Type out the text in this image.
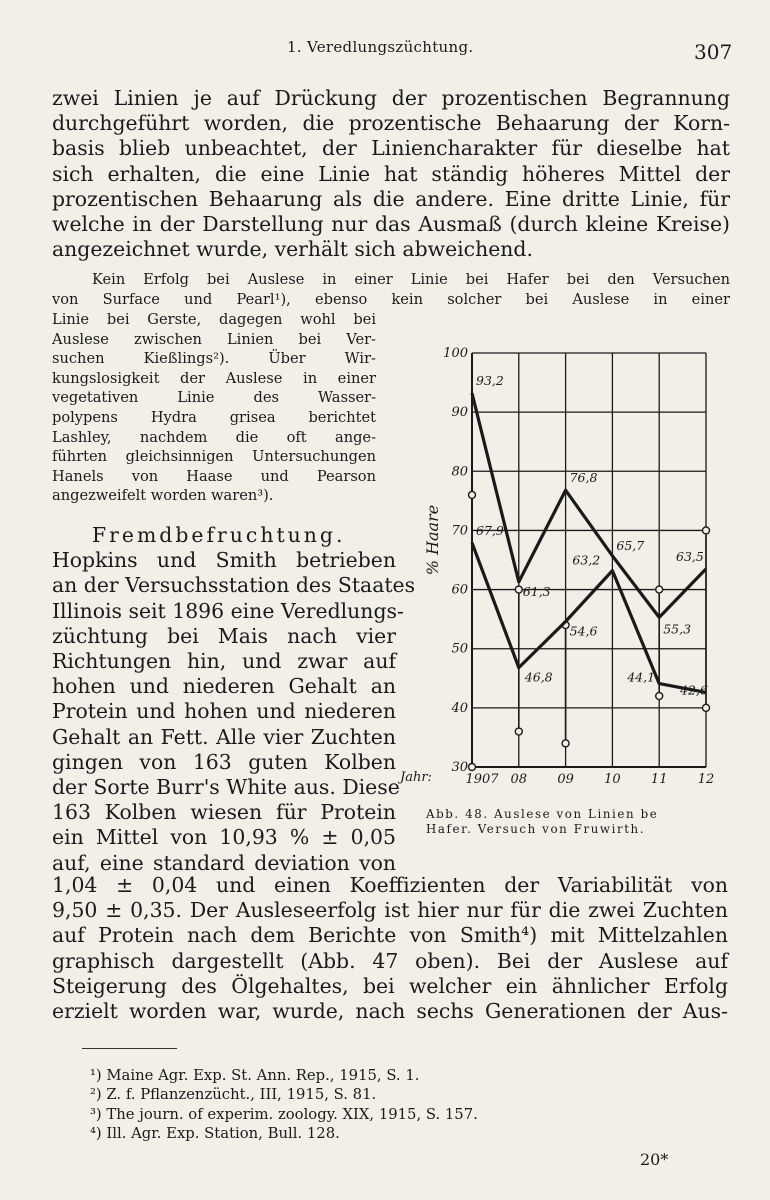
1. Veredlungszüchtung.	307
zwei Linien je auf Drückung der prozentischen Begrannung
durchgeführt worden, die prozentische Behaarung der Korn-
basis blieb unbeachtet, der Liniencharakter für dieselbe hat
sich erhalten, die eine Linie hat ständig höheres Mittel der
prozentischen Behaarung als die andere. Eine dritte Linie, für
welche in der Darstellung nur das Ausmaß (durch kleine Kreise)
angezeichnet wurde, verhält sich abweichend.
Kein Erfolg bei Auslese in einer Linie bei Hafer bei den Versuchen
von Surface und Pearl¹), ebenso kein solcher bei Auslese in einer
Linie bei Gerste, dagegen wohl bei
Auslese zwischen Linien bei Ver-
suchen Kießlings²). Über Wir-
kungslosigkeit der Auslese in einer
vegetativen Linie des Wasser-
polypens Hydra grisea berichtet
Lashley, nachdem die oft ange-
führten gleichsinnigen Untersuchungen
Hanels von Haase und Pearson
angezweifelt worden waren³).
Fremdbefruchtung.
Hopkins und Smith betrieben
an der Versuchsstation des Staates
Illinois seit 1896 eine Veredlungs-
züchtung bei Mais nach vier
Richtungen hin, und zwar auf
hohen und niederen Gehalt an
Protein und hohen und niederen
Gehalt an Fett. Alle vier Zuchten
gingen von 163 guten Kolben
der Sorte Burr's White aus. Diese
163 Kolben wiesen für Protein
ein Mittel von 10,93 % ± 0,05
auf, eine standard deviation von
1,04 ± 0,04 und einen Koeffizienten der Variabilität von
9,50 ± 0,35. Der Ausleseerfolg ist hier nur für die zwei Zuchten
auf Protein nach dem Berichte von Smith⁴) mit Mittelzahlen
graphisch dargestellt (Abb. 47 oben). Bei der Auslese auf
Steigerung des Ölgehaltes, bei welcher ein ähnlicher Erfolg
erzielt worden war, wurde, nach sechs Generationen der Aus-
30
40
50
60
70
80
90
100
1907 08 09 10 11 12
Jahr:
% Haare
93,2
61,3
76,8
65,7
55,3
63,5
67,9
46,8
54,6
63,2
44,1
42,6
Abb. 48. Auslese von Linien be
Hafer. Versuch von Fruwirth.
¹) Maine Agr. Exp. St. Ann. Rep., 1915, S. 1.
²) Z. f. Pflanzenzücht., III, 1915, S. 81.
³) The journ. of experim. zoology. XIX, 1915, S. 157.
⁴) Ill. Agr. Exp. Station, Bull. 128.
20*
